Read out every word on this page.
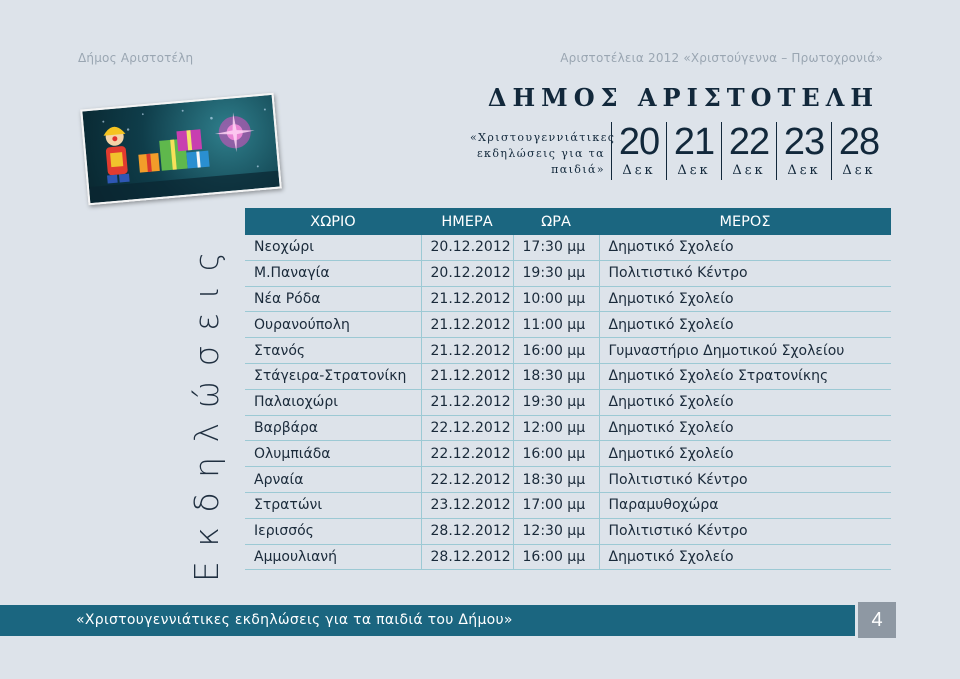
Δήμος Αριστοτέλη	Αριστοτέλεια 2012 «Χριστούγεννα – Πρωτοχρονιά»
ΔΗΜΟΣ ΑΡΙΣΤΟΤΕΛΗ
«Χριστουγεννιάτικες
εκδηλώσεις για τα
παιδιά»
20
Δεκ
21
Δεκ
22
Δεκ
23
Δεκ
28
Δεκ
Εκδηλώσεις
ΧΩΡΙΟ	ΗΜΕΡΑ	ΩΡΑ	ΜΕΡΟΣ
Νεοχώρι	20.12.2012	17:30 μμ	Δημοτικό Σχολείο
Μ.Παναγία	20.12.2012	19:30 μμ	Πολιτιστικό Κέντρο
Νέα Ρόδα	21.12.2012	10:00 μμ	Δημοτικό Σχολείο
Ουρανούπολη	21.12.2012	11:00 μμ	Δημοτικό Σχολείο
Στανός	21.12.2012	16:00 μμ	Γυμναστήριο Δημοτικού Σχολείου
Στάγειρα-Στρατονίκη	21.12.2012	18:30 μμ	Δημοτικό Σχολείο Στρατονίκης
Παλαιοχώρι	21.12.2012	19:30 μμ	Δημοτικό Σχολείο
Βαρβάρα	22.12.2012	12:00 μμ	Δημοτικό Σχολείο
Ολυμπιάδα	22.12.2012	16:00 μμ	Δημοτικό Σχολείο
Αρναία	22.12.2012	18:30 μμ	Πολιτιστικό Κέντρο
Στρατώνι	23.12.2012	17:00 μμ	Παραμυθοχώρα
Ιερισσός	28.12.2012	12:30 μμ	Πολιτιστικό Κέντρο
Αμμουλιανή	28.12.2012	16:00 μμ	Δημοτικό Σχολείο
«Χριστουγεννιάτικες εκδηλώσεις για τα παιδιά του Δήμου»	4
